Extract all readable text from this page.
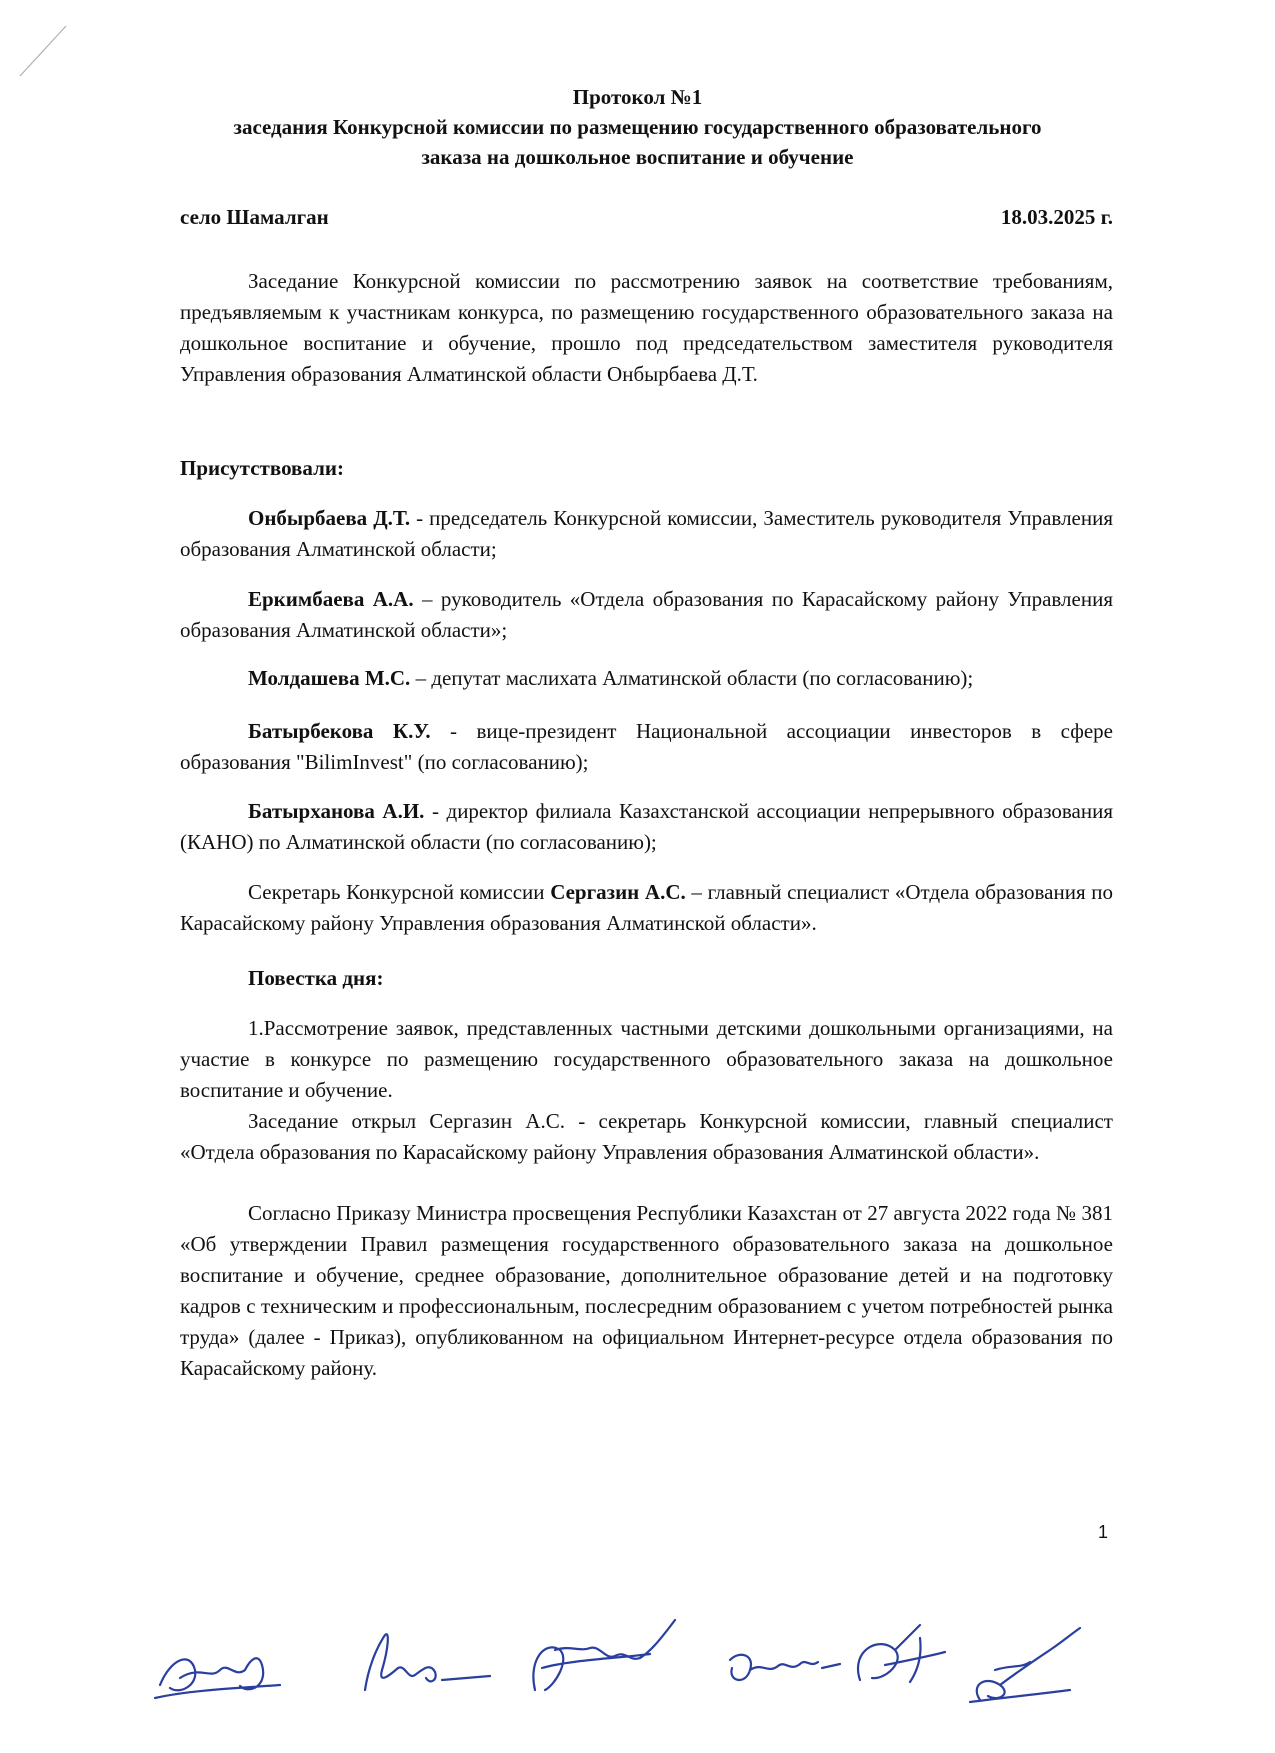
Протокол №1
заседания Конкурсной комиссии по размещению государственного образовательного
заказа на дошкольное воспитание и обучение
село Шамалган	18.03.2025 г.
Заседание Конкурсной комиссии по рассмотрению заявок на соответствие требованиям, предъявляемым к участникам конкурса, по размещению государственного образовательного заказа на дошкольное воспитание и обучение, прошло под председательством заместителя руководителя Управления образования Алматинской области Онбырбаева Д.Т.
Присутствовали:
Онбырбаева Д.Т. - председатель Конкурсной комиссии, Заместитель руководителя Управления образования Алматинской области;
Еркимбаева А.А. – руководитель «Отдела образования по Карасайскому району Управления образования Алматинской области»;
Молдашева М.С. – депутат маслихата Алматинской области (по согласованию);
Батырбекова К.У. - вице-президент Национальной ассоциации инвесторов в сфере образования "BilimInvest" (по согласованию);
Батырханова А.И. - директор филиала Казахстанской ассоциации непрерывного образования (КАНО) по Алматинской области (по согласованию);
Секретарь Конкурсной комиссии Сергазин А.С. – главный специалист «Отдела образования по Карасайскому району Управления образования Алматинской области».
Повестка дня:
1.Рассмотрение заявок, представленных частными детскими дошкольными организациями, на участие в конкурсе по размещению государственного образовательного заказа на дошкольное воспитание и обучение.
Заседание открыл Сергазин А.С. - секретарь Конкурсной комиссии, главный специалист «Отдела образования по Карасайскому району Управления образования Алматинской области».
Согласно Приказу Министра просвещения Республики Казахстан от 27 августа 2022 года № 381 «Об утверждении Правил размещения государственного образовательного заказа на дошкольное воспитание и обучение, среднее образование, дополнительное образование детей и на подготовку кадров с техническим и профессиональным, послесредним образованием с учетом потребностей рынка труда» (далее - Приказ), опубликованном на официальном Интернет-ресурсе отдела образования по Карасайскому району.
1
